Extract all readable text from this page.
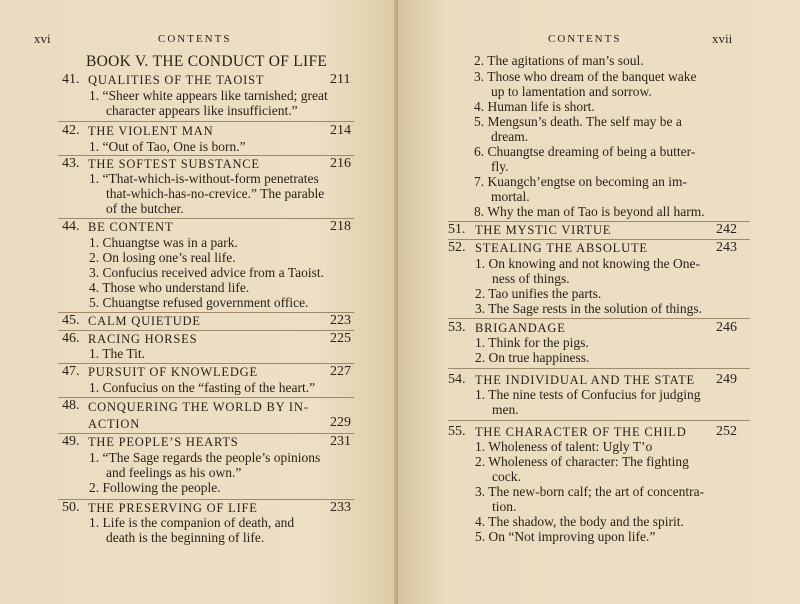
xvi	CONTENTS
BOOK V. THE CONDUCT OF LIFE
41. QUALITIES OF THE TAOIST	211
1. “Sheer white appears like tarnished; great
character appears like insufficient.”
42. THE VIOLENT MAN	214
1. “Out of Tao, One is born.”
43. THE SOFTEST SUBSTANCE	216
1. “That-which-is-without-form penetrates
that-which-has-no-crevice.” The parable
of the butcher.
44. BE CONTENT	218
1. Chuangtse was in a park.
2. On losing one’s real life.
3. Confucius received advice from a Taoist.
4. Those who understand life.
5. Chuangtse refused government office.
45. CALM QUIETUDE	223
46. RACING HORSES	225
1. The Tit.
47. PURSUIT OF KNOWLEDGE	227
1. Confucius on the “fasting of the heart.”
48. CONQUERING THE WORLD BY IN-
ACTION	229
49. THE PEOPLE’S HEARTS	231
1. “The Sage regards the people’s opinions
and feelings as his own.”
2. Following the people.
50. THE PRESERVING OF LIFE	233
1. Life is the companion of death, and
death is the beginning of life.
CONTENTS	xvii
2. The agitations of man’s soul.
3. Those who dream of the banquet wake
up to lamentation and sorrow.
4. Human life is short.
5. Mengsun’s death. The self may be a
dream.
6. Chuangtse dreaming of being a butter-
fly.
7. Kuangch’engtse on becoming an im-
mortal.
8. Why the man of Tao is beyond all harm.
51. THE MYSTIC VIRTUE	242
52. STEALING THE ABSOLUTE	243
1. On knowing and not knowing the One-
ness of things.
2. Tao unifies the parts.
3. The Sage rests in the solution of things.
53. BRIGANDAGE	246
1. Think for the pigs.
2. On true happiness.
54. THE INDIVIDUAL AND THE STATE 249
1. The nine tests of Confucius for judging
men.
55. THE CHARACTER OF THE CHILD 252
1. Wholeness of talent: Ugly T’o
2. Wholeness of character: The fighting
cock.
3. The new-born calf; the art of concentra-
tion.
4. The shadow, the body and the spirit.
5. On “Not improving upon life.”
